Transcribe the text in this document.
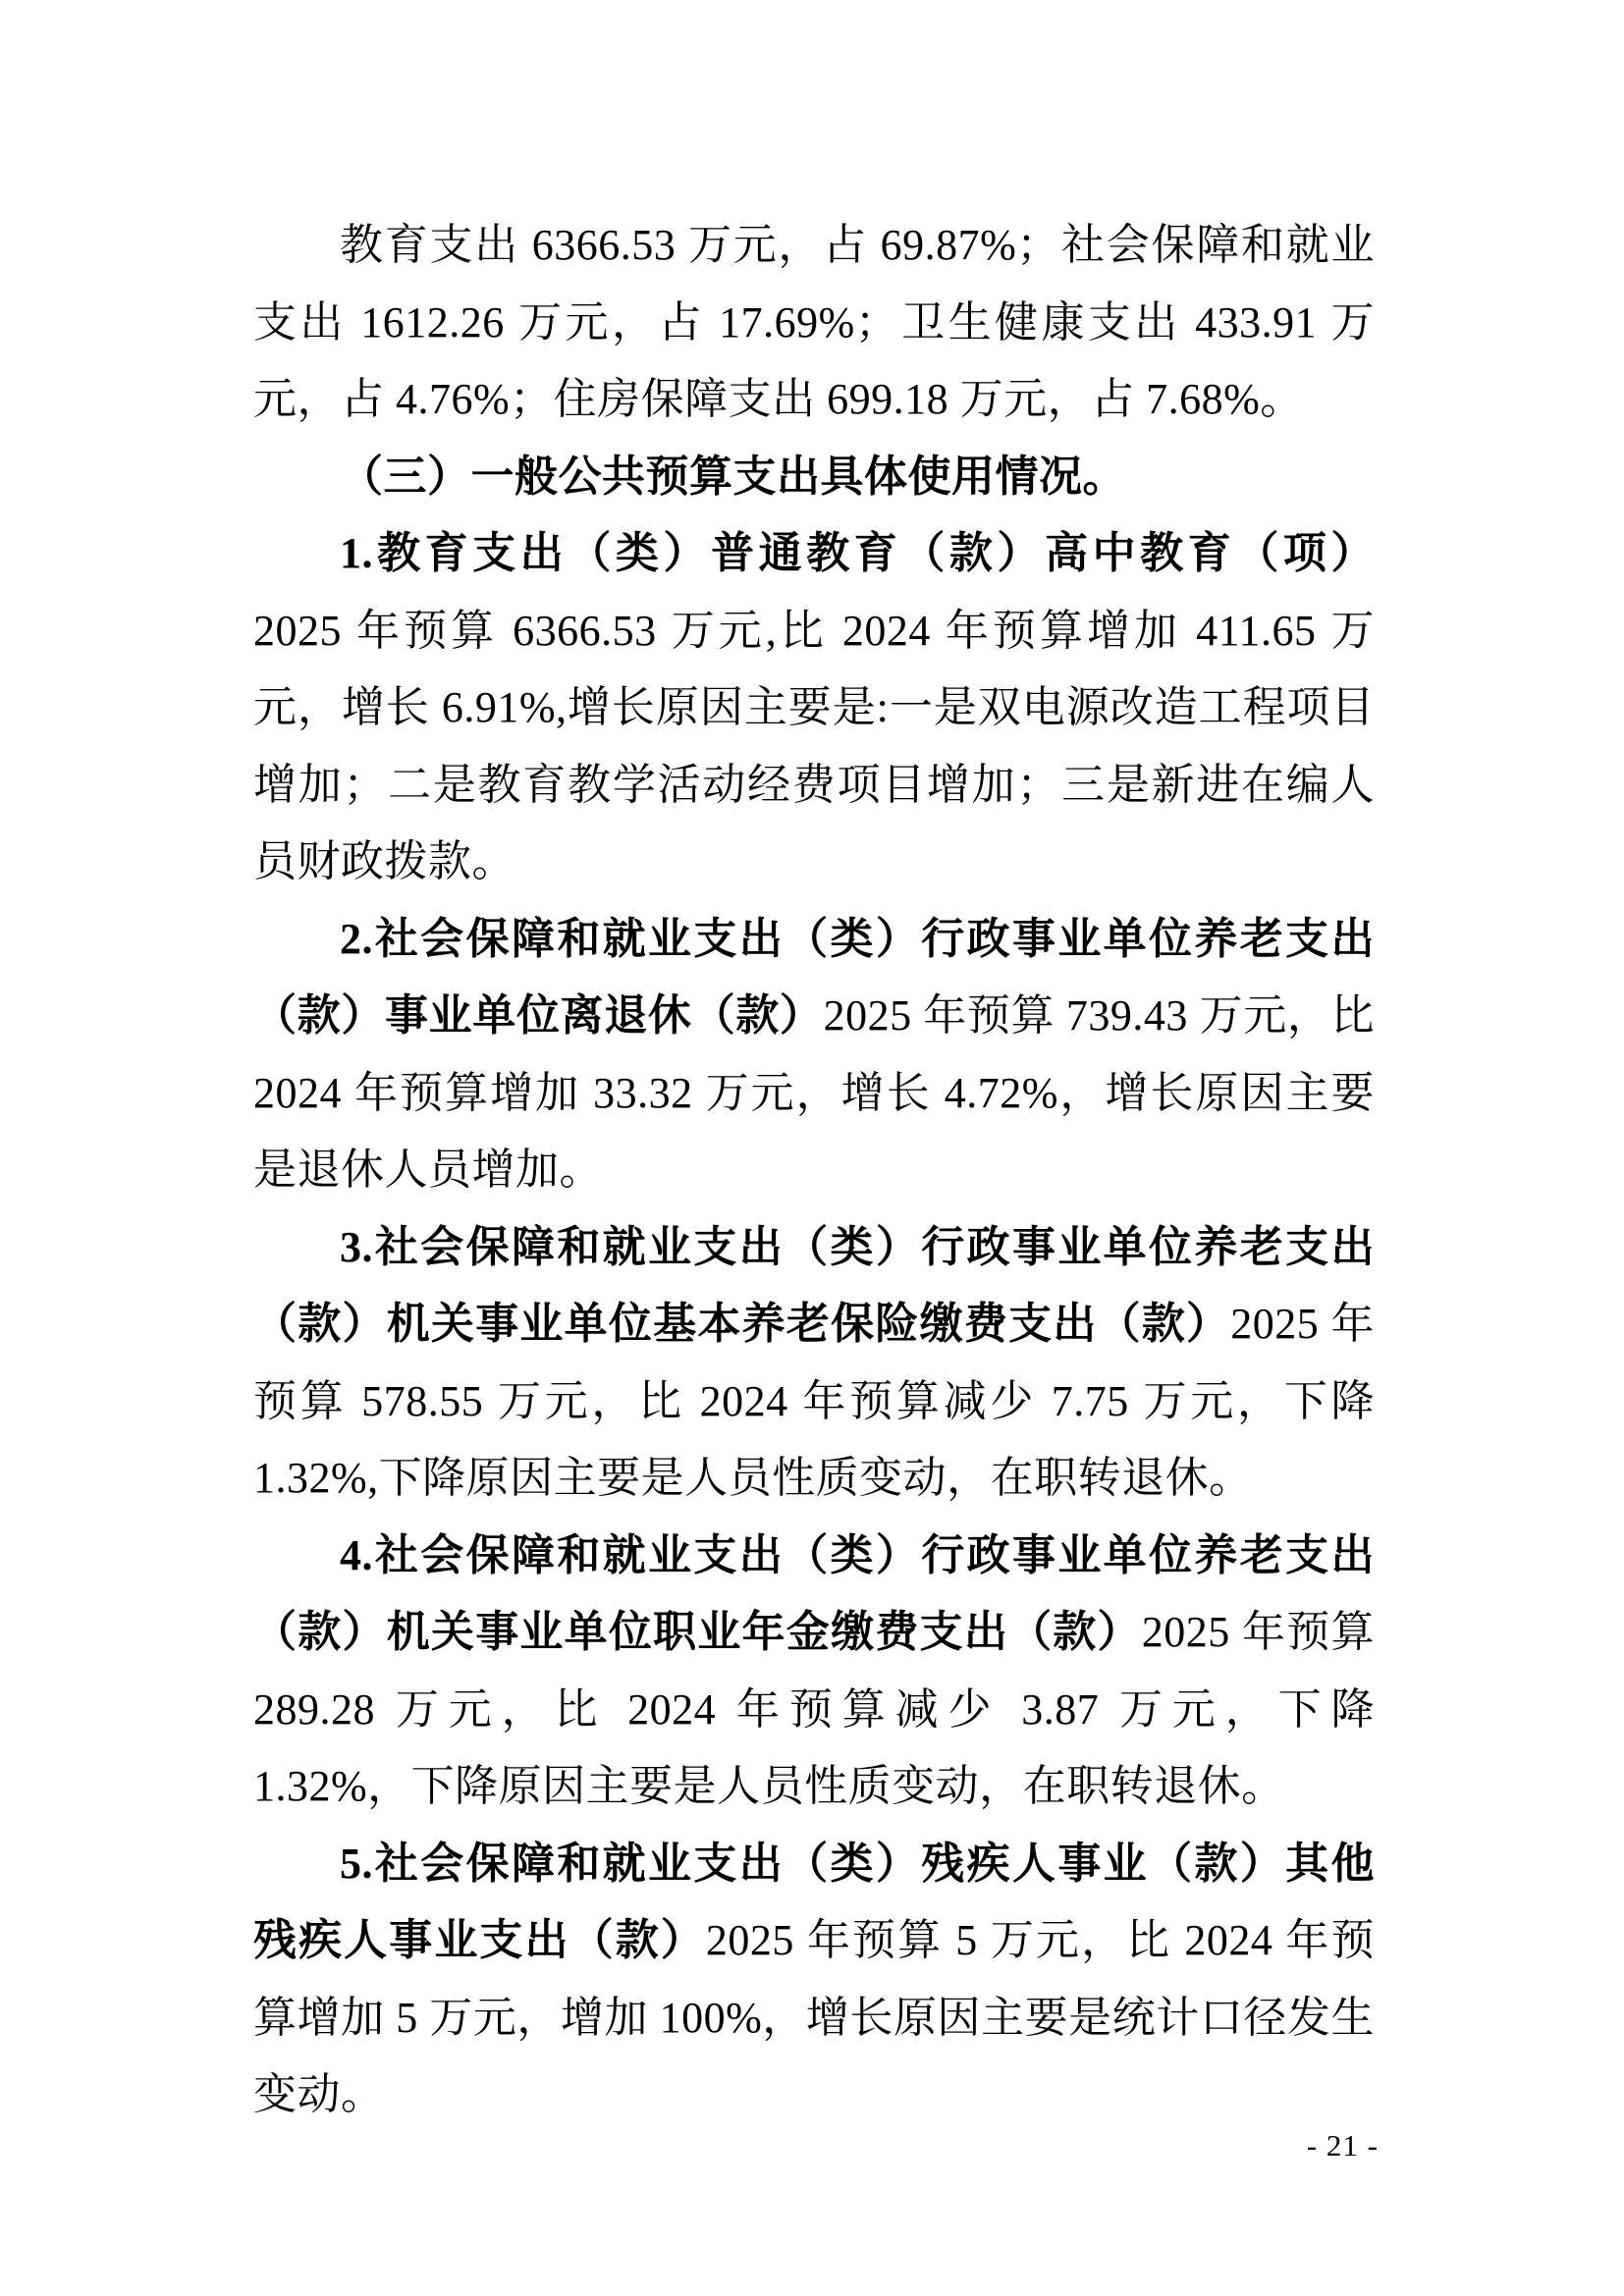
教育支出 6366.53 万元，占 69.87%；社会保障和就业支出 1612.26 万元，占 17.69%；卫生健康支出 433.91 万元，占 4.76%；住房保障支出 699.18 万元，占 7.68%。

（三）一般公共预算支出具体使用情况。

1.教育支出（类）普通教育（款）高中教育（项）2025 年预算 6366.53 万元,比 2024 年预算增加 411.65 万元，增长 6.91%,增长原因主要是:一是双电源改造工程项目增加；二是教育教学活动经费项目增加；三是新进在编人员财政拨款。

2.社会保障和就业支出（类）行政事业单位养老支出（款）事业单位离退休（款）2025 年预算 739.43 万元，比 2024 年预算增加 33.32 万元，增长 4.72%，增长原因主要是退休人员增加。

3.社会保障和就业支出（类）行政事业单位养老支出（款）机关事业单位基本养老保险缴费支出（款）2025 年预算 578.55 万元，比 2024 年预算减少 7.75 万元，下降 1.32%,下降原因主要是人员性质变动，在职转退休。

4.社会保障和就业支出（类）行政事业单位养老支出（款）机关事业单位职业年金缴费支出（款）2025 年预算 289.28 万元，比 2024 年预算减少 3.87 万元，下降 1.32%，下降原因主要是人员性质变动，在职转退休。

5.社会保障和就业支出（类）残疾人事业（款）其他残疾人事业支出（款）2025 年预算 5 万元，比 2024 年预算增加 5 万元，增加 100%，增长原因主要是统计口径发生变动。

- 21 -
